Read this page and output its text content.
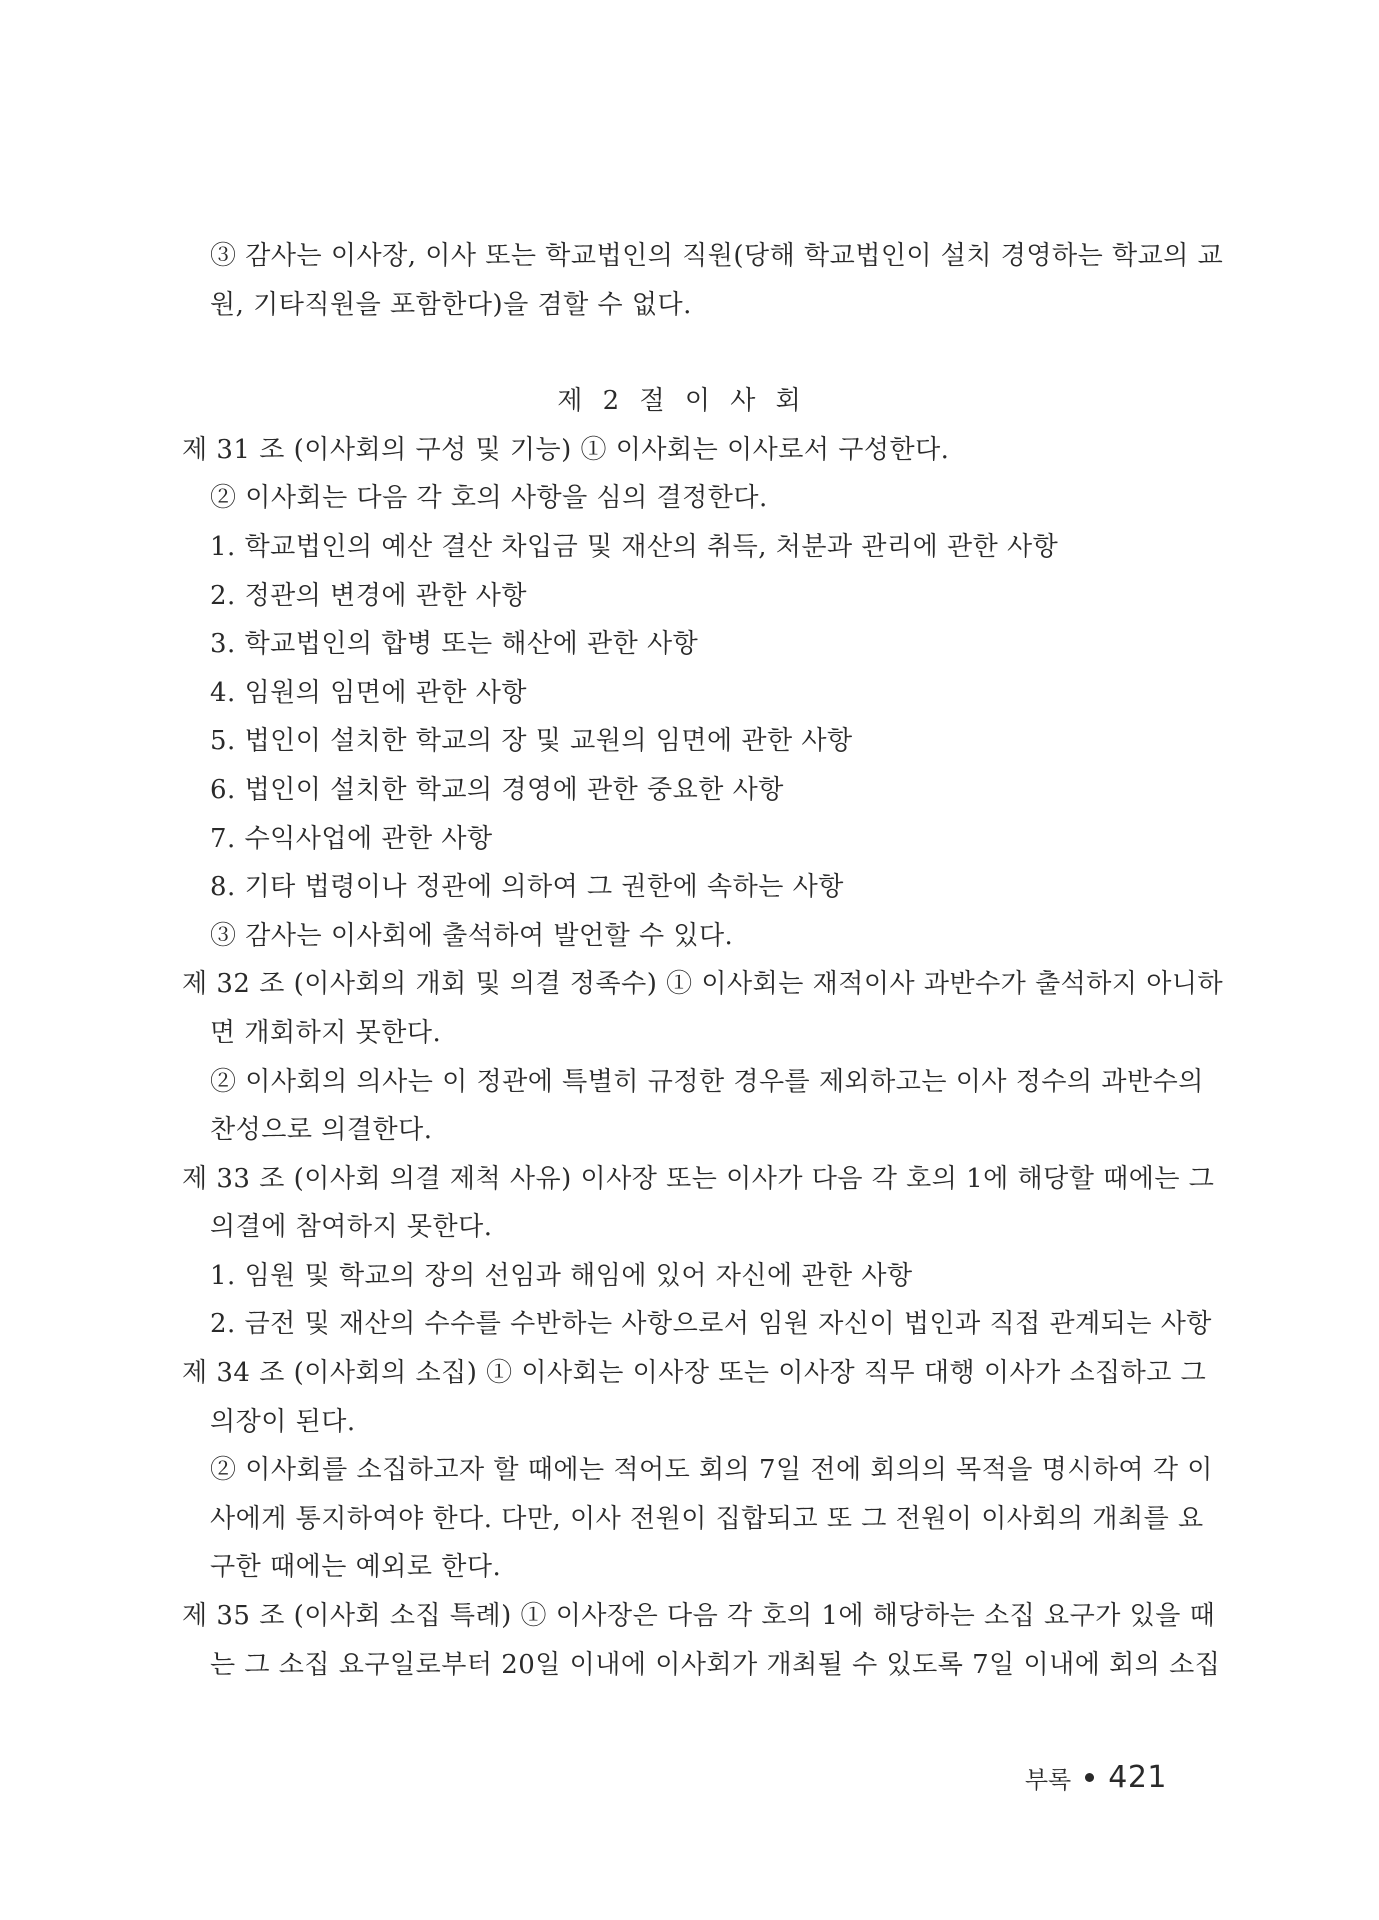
③ 감사는 이사장, 이사 또는 학교법인의 직원(당해 학교법인이 설치 경영하는 학교의 교
원, 기타직원을 포함한다)을 겸할 수 없다.
제 2 절 이 사 회
제 31 조 (이사회의 구성 및 기능) ① 이사회는 이사로서 구성한다.
② 이사회는 다음 각 호의 사항을 심의 결정한다.
1. 학교법인의 예산 결산 차입금 및 재산의 취득, 처분과 관리에 관한 사항
2. 정관의 변경에 관한 사항
3. 학교법인의 합병 또는 해산에 관한 사항
4. 임원의 임면에 관한 사항
5. 법인이 설치한 학교의 장 및 교원의 임면에 관한 사항
6. 법인이 설치한 학교의 경영에 관한 중요한 사항
7. 수익사업에 관한 사항
8. 기타 법령이나 정관에 의하여 그 권한에 속하는 사항
③ 감사는 이사회에 출석하여 발언할 수 있다.
제 32 조 (이사회의 개회 및 의결 정족수) ① 이사회는 재적이사 과반수가 출석하지 아니하
면 개회하지 못한다.
② 이사회의 의사는 이 정관에 특별히 규정한 경우를 제외하고는 이사 정수의 과반수의
찬성으로 의결한다.
제 33 조 (이사회 의결 제척 사유) 이사장 또는 이사가 다음 각 호의 1에 해당할 때에는 그
의결에 참여하지 못한다.
1. 임원 및 학교의 장의 선임과 해임에 있어 자신에 관한 사항
2. 금전 및 재산의 수수를 수반하는 사항으로서 임원 자신이 법인과 직접 관계되는 사항
제 34 조 (이사회의 소집) ① 이사회는 이사장 또는 이사장 직무 대행 이사가 소집하고 그
의장이 된다.
② 이사회를 소집하고자 할 때에는 적어도 회의 7일 전에 회의의 목적을 명시하여 각 이
사에게 통지하여야 한다. 다만, 이사 전원이 집합되고 또 그 전원이 이사회의 개최를 요
구한 때에는 예외로 한다.
제 35 조 (이사회 소집 특례) ① 이사장은 다음 각 호의 1에 해당하는 소집 요구가 있을 때
는 그 소집 요구일로부터 20일 이내에 이사회가 개최될 수 있도록 7일 이내에 회의 소집
부록 421
